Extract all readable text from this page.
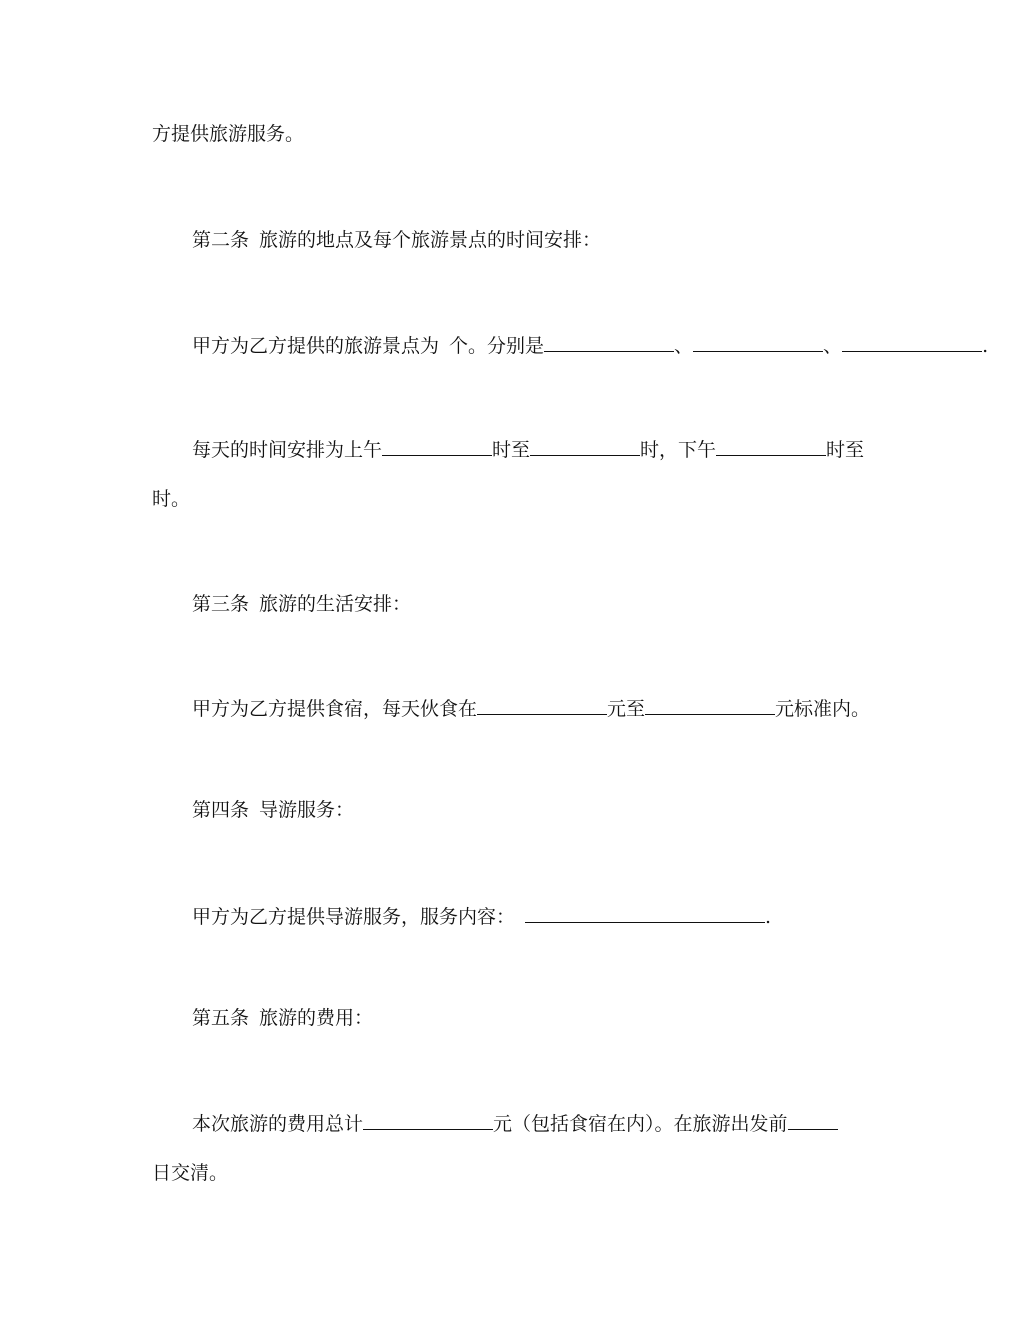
方提供旅游服务。
第二条 旅游的地点及每个旅游景点的时间安排：
甲方为乙方提供的旅游景点为 个。分别是	、	、	.
每天的时间安排为上午	时至	时，下午	时至
时。
第三条 旅游的生活安排：
甲方为乙方提供食宿，每天伙食在	元至	元标准内。
第四条 导游服务：
甲方为乙方提供导游服务，服务内容：	.
第五条 旅游的费用：
本次旅游的费用总计	元（包括食宿在内）。在旅游出发前
日交清。
